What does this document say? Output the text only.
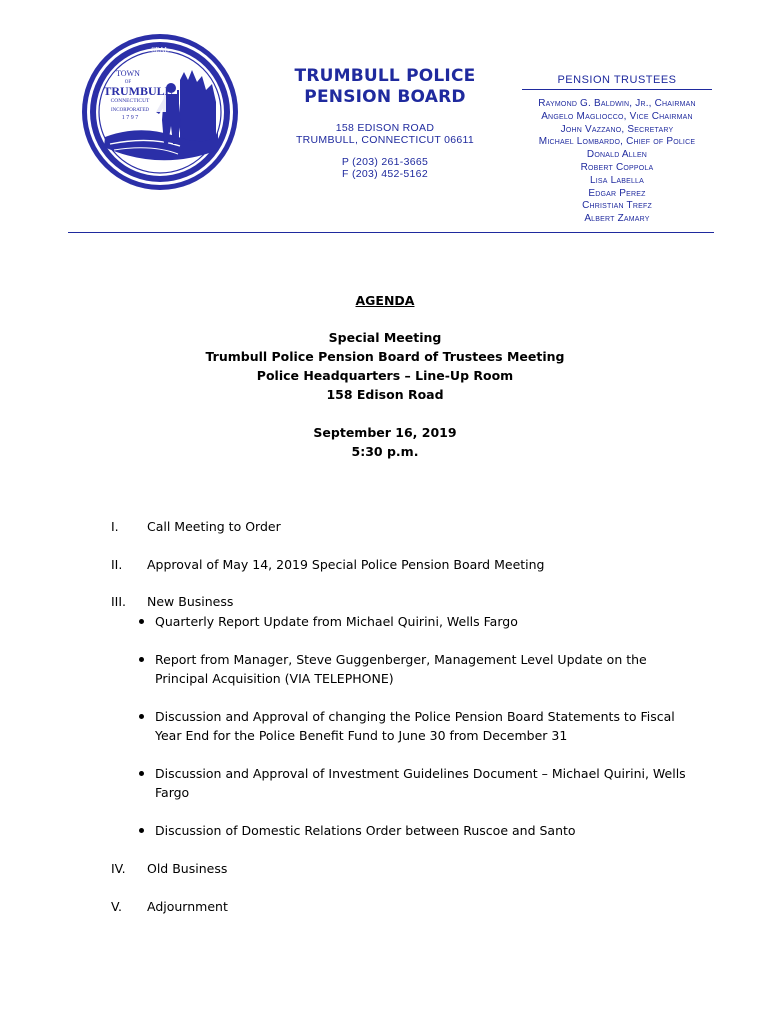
·SEAL·
TOWN
OF
TRUMBULL
CONNECTICUT
INCORPORATED
1 7 9 7
TRUMBULL POLICE
PENSION BOARD
158 EDISON ROAD
TRUMBULL, CONNECTICUT 06611
P (203) 261-3665
F (203) 452-5162
PENSION TRUSTEES
Raymond G. Baldwin, Jr., Chairman
Angelo Magliocco, Vice Chairman
John Vazzano, Secretary
Michael Lombardo, Chief of Police
Donald Allen
Robert Coppola
Lisa Labella
Edgar Perez
Christian Trefz
Albert Zamary
AGENDA
Special Meeting
Trumbull Police Pension Board of Trustees Meeting
Police Headquarters – Line-Up Room
158 Edison Road
September 16, 2019
5:30 p.m.
I.	Call Meeting to Order
II.	Approval of May 14, 2019 Special Police Pension Board Meeting
III.	New Business
Quarterly Report Update from Michael Quirini, Wells Fargo
Report from Manager, Steve Guggenberger, Management Level Update on the Principal Acquisition (VIA TELEPHONE)
Discussion and Approval of changing the Police Pension Board Statements to Fiscal Year End for the Police Benefit Fund to June 30 from December 31
Discussion and Approval of Investment Guidelines Document – Michael Quirini, Wells Fargo
Discussion of Domestic Relations Order between Ruscoe and Santo
IV.	Old Business
V.	Adjournment
